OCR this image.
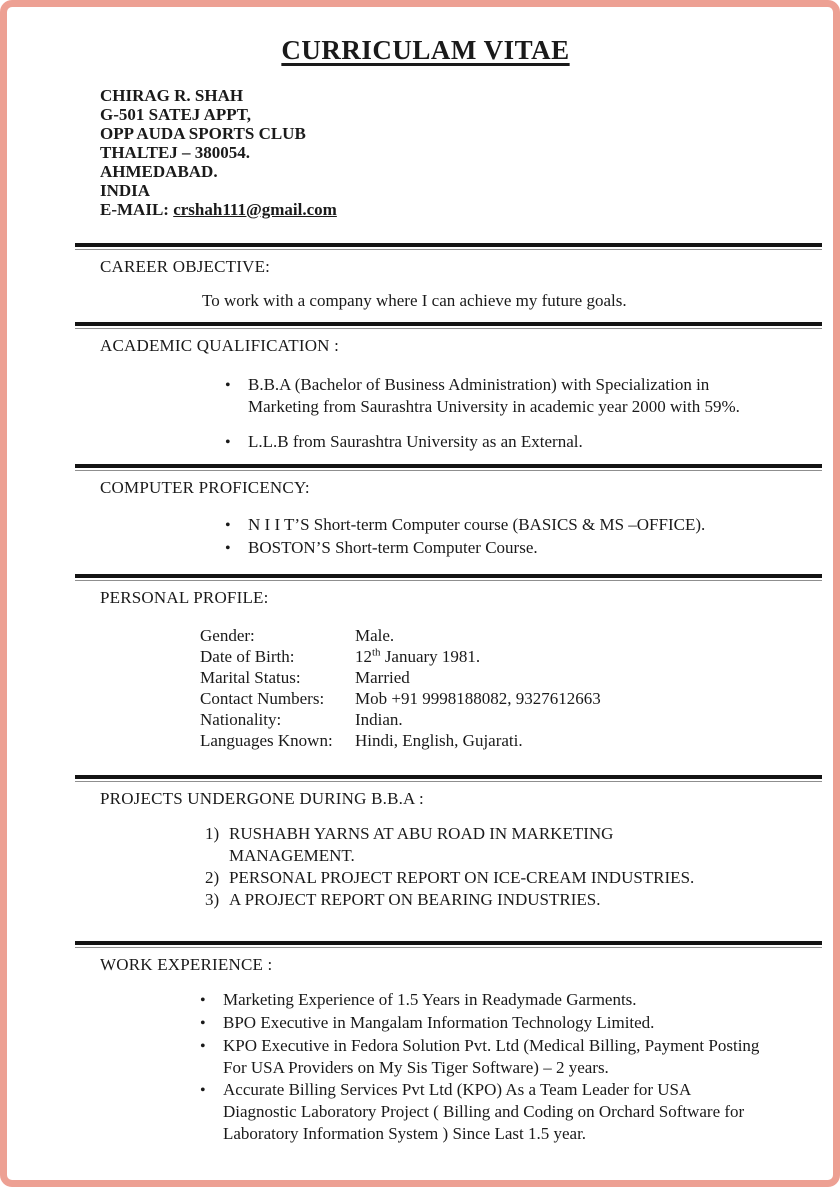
CURRICULAM VITAE
CHIRAG R. SHAH
G-501 SATEJ APPT,
OPP AUDA SPORTS CLUB
THALTEJ – 380054.
AHMEDABAD.
INDIA
E-MAIL: crshah111@gmail.com
CAREER OBJECTIVE:

To work with a company where I can achieve my future goals.

ACADEMIC QUALIFICATION :
•
B.B.A (Bachelor of Business Administration) with Specialization in Marketing from Saurashtra University in academic year 2000 with 59%.
•
L.L.B from Saurashtra University as an External.
COMPUTER PROFICENCY:
•
N I I T’S Short-term Computer course (BASICS & MS –OFFICE).
•
BOSTON’S Short-term Computer Course.
PERSONAL PROFILE:
Gender:	Male.
Date of Birth:	12th January 1981.
Marital Status:	Married
Contact Numbers:	Mob +91 9998188082, 9327612663
Nationality:	Indian.
Languages Known:	Hindi, English, Gujarati.
PROJECTS UNDERGONE DURING B.B.A :
1) RUSHABH YARNS AT ABU ROAD IN MARKETING
MANAGEMENT.
2) PERSONAL PROJECT REPORT ON ICE-CREAM INDUSTRIES.
3) A PROJECT REPORT ON BEARING INDUSTRIES.
WORK EXPERIENCE :
•
Marketing Experience of 1.5 Years in Readymade Garments.
•
BPO Executive in Mangalam Information Technology Limited.
•
KPO Executive in Fedora Solution Pvt. Ltd (Medical Billing, Payment Posting For USA Providers on My Sis Tiger Software) – 2 years.
•
Accurate Billing Services Pvt Ltd (KPO) As a Team Leader for USA Diagnostic Laboratory Project ( Billing and Coding on Orchard Software for Laboratory Information System ) Since Last 1.5 year.
